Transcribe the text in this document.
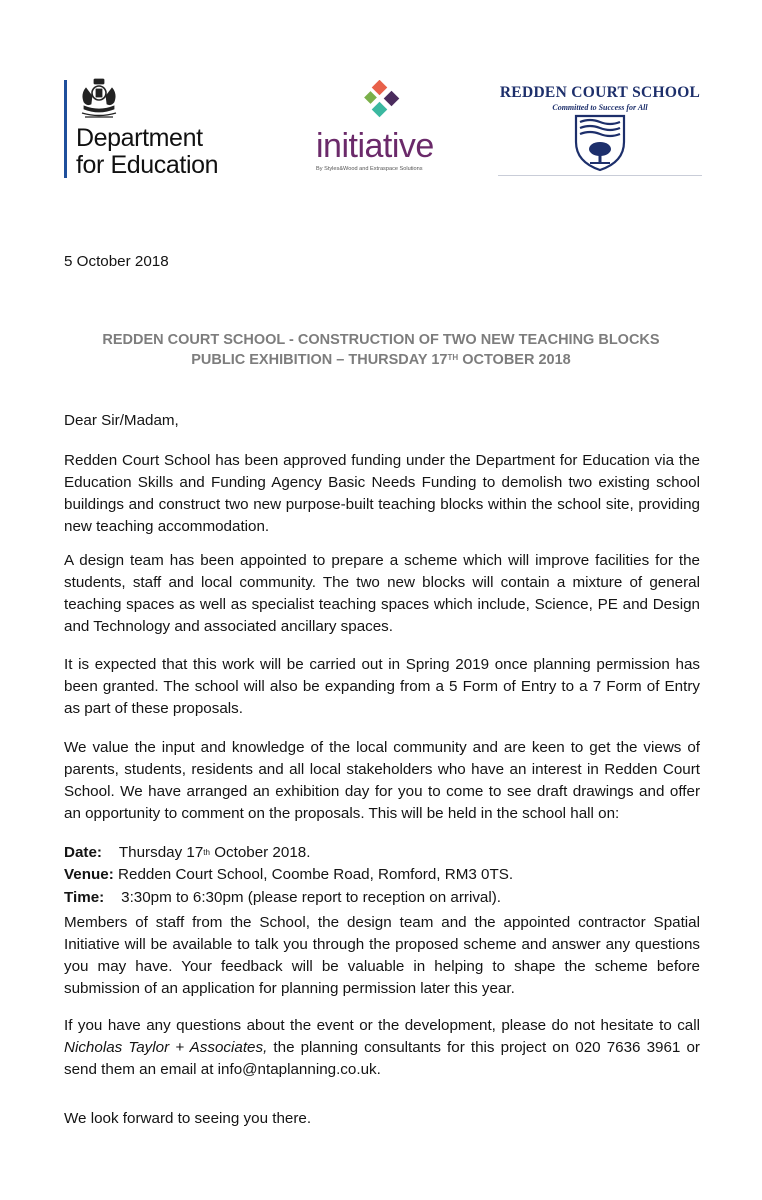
Department
for Education	initiative
By Styles&Wood and Extraspace Solutions
REDDEN COURT SCHOOL
Committed to Success for All

5 October 2018

REDDEN COURT SCHOOL - CONSTRUCTION OF TWO NEW TEACHING BLOCKS
PUBLIC EXHIBITION – THURSDAY 17TH OCTOBER 2018

Dear Sir/Madam,

Redden Court School has been approved funding under the Department for Education via the Education Skills and Funding Agency Basic Needs Funding to demolish two existing school buildings and construct two new purpose-built teaching blocks within the school site, providing new teaching accommodation.

A design team has been appointed to prepare a scheme which will improve facilities for the students, staff and local community. The two new blocks will contain a mixture of general teaching spaces as well as specialist teaching spaces which include, Science, PE and Design and Technology and associated ancillary spaces.

It is expected that this work will be carried out in Spring 2019 once planning permission has been granted. The school will also be expanding from a 5 Form of Entry to a 7 Form of Entry as part of these proposals.

We value the input and knowledge of the local community and are keen to get the views of parents, students, residents and all local stakeholders who have an interest in Redden Court School. We have arranged an exhibition day for you to come to see draft drawings and offer an opportunity to comment on the proposals. This will be held in the school hall on:

Date: Thursday 17th October 2018.
Venue: Redden Court School, Coombe Road, Romford, RM3 0TS.
Time: 3:30pm to 6:30pm (please report to reception on arrival).

Members of staff from the School, the design team and the appointed contractor Spatial Initiative will be available to talk you through the proposed scheme and answer any questions you may have. Your feedback will be valuable in helping to shape the scheme before submission of an application for planning permission later this year.

If you have any questions about the event or the development, please do not hesitate to call Nicholas Taylor + Associates, the planning consultants for this project on 020 7636 3961 or send them an email at info@ntaplanning.co.uk.

We look forward to seeing you there.
